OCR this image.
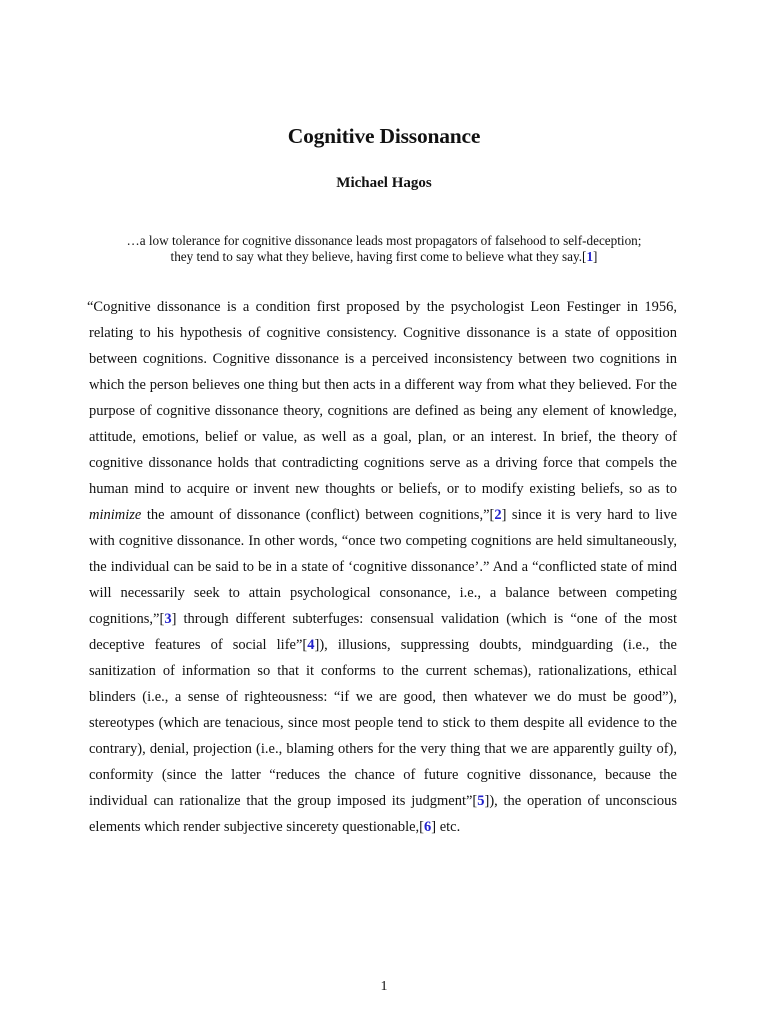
Cognitive Dissonance
Michael Hagos
…a low tolerance for cognitive dissonance leads most propagators of falsehood to self-deception;
they tend to say what they believe, having first come to believe what they say.[1]
“Cognitive dissonance is a condition first proposed by the psychologist Leon Festinger in 1956, relating to his hypothesis of cognitive consistency. Cognitive dissonance is a state of opposition between cognitions. Cognitive dissonance is a perceived inconsistency between two cognitions in which the person believes one thing but then acts in a different way from what they believed. For the purpose of cognitive dissonance theory, cognitions are defined as being any element of knowledge, attitude, emotions, belief or value, as well as a goal, plan, or an interest. In brief, the theory of cognitive dissonance holds that contradicting cognitions serve as a driving force that compels the human mind to acquire or invent new thoughts or beliefs, or to modify existing beliefs, so as to minimize the amount of dissonance (conflict) between cognitions,”[2] since it is very hard to live with cognitive dissonance. In other words, “once two competing cognitions are held simultaneously, the individual can be said to be in a state of ‘cognitive dissonance’.” And a “conflicted state of mind will necessarily seek to attain psychological consonance, i.e., a balance between competing cognitions,”[3] through different subterfuges: consensual validation (which is “one of the most deceptive features of social life”[4]), illusions, suppressing doubts, mindguarding (i.e., the sanitization of information so that it conforms to the current schemas), rationalizations, ethical blinders (i.e., a sense of righteousness: “if we are good, then whatever we do must be good”), stereotypes (which are tenacious, since most people tend to stick to them despite all evidence to the contrary), denial, projection (i.e., blaming others for the very thing that we are apparently guilty of), conformity (since the latter “reduces the chance of future cognitive dissonance, because the individual can rationalize that the group imposed its judgment”[5]), the operation of unconscious elements which render subjective sincerety questionable,[6] etc.
1
